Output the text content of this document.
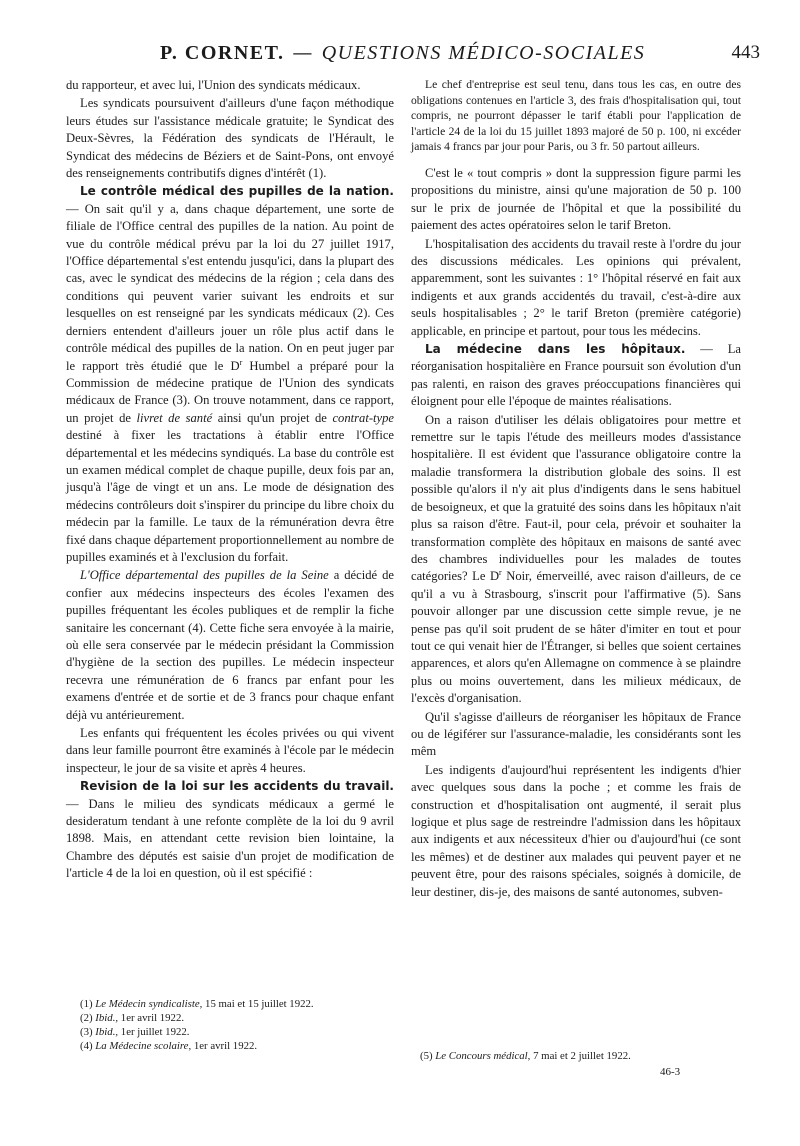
P. CORNET. — QUESTIONS MÉDICO-SOCIALES	443

du rapporteur, et avec lui, l'Union des syndicats médicaux.

Les syndicats poursuivent d'ailleurs d'une façon méthodique leurs études sur l'assistance médicale gratuite; le Syndicat des Deux-Sèvres, la Fédération des syndicats de l'Hérault, le Syndicat des médecins de Béziers et de Saint-Pons, ont envoyé des renseignements contributifs dignes d'intérêt (1).

Le contrôle médical des pupilles de la nation.— On sait qu'il y a, dans chaque département, une sorte de filiale de l'Office central des pupilles de la nation. Au point de vue du contrôle médical prévu par la loi du 27 juillet 1917, l'Office départemental s'est entendu jusqu'ici, dans la plupart des cas, avec le syndicat des médecins de la région ; cela dans des conditions qui peuvent varier suivant les endroits et sur lesquelles on est renseigné par les syndicats médicaux (2). Ces derniers entendent d'ailleurs jouer un rôle plus actif dans le contrôle médical des pupilles de la nation. On en peut juger par le rapport très étudié que le $D^r$ Humbel a préparé pour la Commission de médecine pratique de l'Union des syndicats médicaux de France (3). On trouve notamment, dans ce rapport, un projet de livret de santé ainsi qu'un projet de contrat-type destiné à fixer les tractations à établir entre l'Office départemental et les médecins syndiqués. La base du contrôle est un examen médical complet de chaque pupille, deux fois par an, jusqu'à l'âge de vingt et un ans. Le mode de désignation des médecins contrôleurs doit s'inspirer du principe du libre choix du médecin par la famille. Le taux de la rémunération devra être fixé dans chaque département proportionnellement au nombre de pupilles examinés et à l'exclusion du forfait.

L'Office départemental des pupilles de la Seine a décidé de confier aux médecins inspecteurs des écoles l'examen des pupilles fréquentant les écoles publiques et de remplir la fiche sanitaire les concernant (4). Cette fiche sera envoyée à la mairie, où elle sera conservée par le médecin présidant la Commission d'hygiène de la section des pupilles. Le médecin inspecteur recevra une rémunération de 6 francs par enfant pour les examens d'entrée et de sortie et de 3 francs pour chaque enfant déjà vu antérieurement.

Les enfants qui fréquentent les écoles privées ou qui vivent dans leur famille pourront être examinés à l'école par le médecin inspecteur, le jour de sa visite et après 4 heures.

Revision de la loi sur les accidents du travail. — Dans le milieu des syndicats médicaux a germé le desideratum tendant à une refonte complète de la loi du 9 avril 1898. Mais, en attendant cette revision bien lointaine, la Chambre des députés est saisie d'un projet de modification de l'article 4 de la loi en question, où il est spécifié :

(1) Le Médecin syndicaliste, 15 mai et 15 juillet 1922.
(2) Ibid., 1er avril 1922.
(3) Ibid., 1er juillet 1922.
(4) La Médecine scolaire, 1er avril 1922.

Le chef d'entreprise est seul tenu, dans tous les cas, en outre des obligations contenues en l'article 3, des frais d'hospitalisation qui, tout compris, ne pourront dépasser le tarif établi pour l'application de l'article 24 de la loi du 15 juillet 1893 majoré de 50 p. 100, ni excéder jamais 4 francs par jour pour Paris, ou 3 fr. 50 partout ailleurs.

C'est le « tout compris » dont la suppression figure parmi les propositions du ministre, ainsi qu'une majoration de 50 p. 100 sur le prix de journée de l'hôpital et que la possibilité du paiement des actes opératoires selon le tarif Breton.

L'hospitalisation des accidents du travail reste à l'ordre du jour des discussions médicales. Les opinions qui prévalent, apparemment, sont les suivantes : 1° l'hôpital réservé en fait aux indigents et aux grands accidentés du travail, c'est-à-dire aux seuls hospitalisables ; 2° le tarif Breton (première catégorie) applicable, en principe et partout, pour tous les médecins.

La médecine dans les hôpitaux. — La réorganisation hospitalière en France poursuit son évolution d'un pas ralenti, en raison des graves préoccupations financières qui éloignent pour elle l'époque de maintes réalisations.

On a raison d'utiliser les délais obligatoires pour mettre et remettre sur le tapis l'étude des meilleurs modes d'assistance hospitalière. Il est évident que l'assurance obligatoire contre la maladie transformera la distribution globale des soins. Il est possible qu'alors il n'y ait plus d'indigents dans le sens habituel de besoigneux, et que la gratuité des soins dans les hôpitaux n'ait plus sa raison d'être. Faut-il, pour cela, prévoir et souhaiter la transformation complète des hôpitaux en maisons de santé avec des chambres individuelles pour les malades de toutes catégories? Le $D^r$ Noir, émerveillé, avec raison d'ailleurs, de ce qu'il a vu à Strasbourg, s'inscrit pour l'affirmative (5). Sans pouvoir allonger par une discussion cette simple revue, je ne pense pas qu'il soit prudent de se hâter d'imiter en tout et pour tout ce qui venait hier de l'Étranger, si belles que soient certaines apparences, et alors qu'en Allemagne on commence à se plaindre plus ou moins ouvertement, dans les milieux médicaux, de l'excès d'organisation.

Qu'il s'agisse d'ailleurs de réorganiser les hôpitaux de France ou de légiférer sur l'assurance-maladie, les considérants sont les mêm

Les indigents d'aujourd'hui représentent les indigents d'hier avec quelques sous dans la poche ; et comme les frais de construction et d'hospitalisation ont augmenté, il serait plus logique et plus sage de restreindre l'admission dans les hôpitaux aux indigents et aux nécessiteux d'hier ou d'aujourd'hui (ce sont les mêmes) et de destiner aux malades qui peuvent payer et ne peuvent être, pour des raisons spéciales, soignés à domicile, de leur destiner, dis-je, des maisons de santé autonomes, subven-

(5) Le Concours médical, 7 mai et 2 juillet 1922.
46-3
